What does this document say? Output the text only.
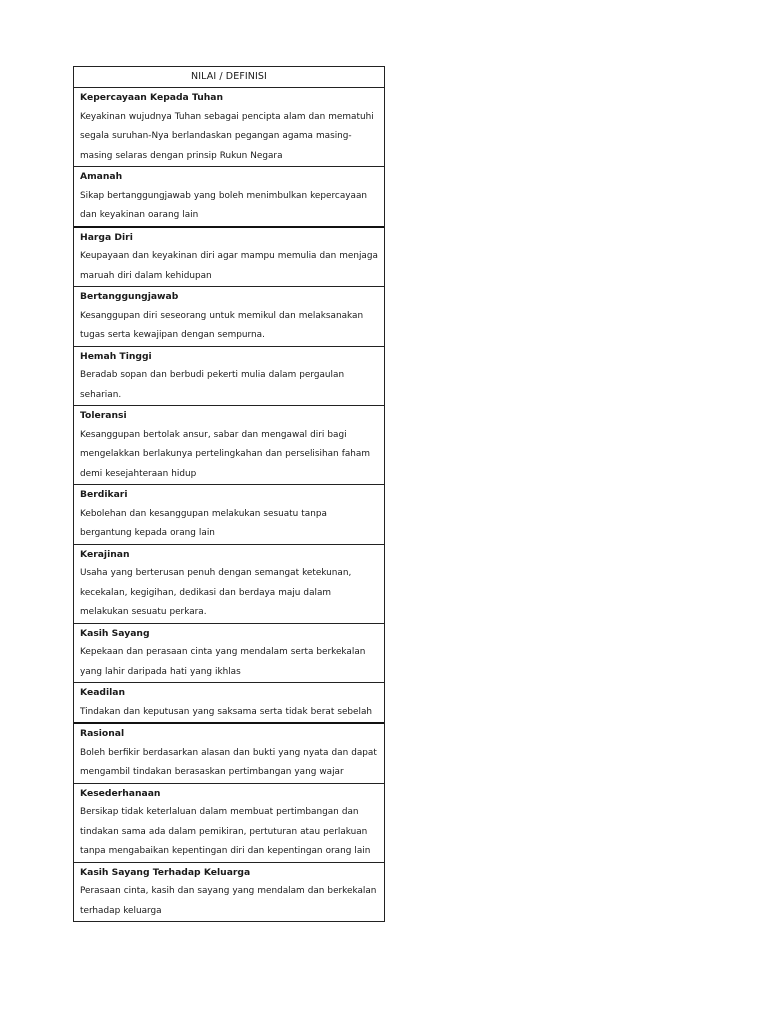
NILAI / DEFINISI
Kepercayaan Kepada Tuhan
Keyakinan wujudnya Tuhan sebagai pencipta alam dan mematuhi segala suruhan-Nya berlandaskan pegangan agama masing-masing selaras dengan prinsip Rukun Negara
Amanah
Sikap bertanggungjawab yang boleh menimbulkan kepercayaan dan keyakinan oarang lain
Harga Diri
Keupayaan dan keyakinan diri agar mampu memulia dan menjaga maruah diri dalam kehidupan
Bertanggungjawab
Kesanggupan diri seseorang untuk memikul dan melaksanakan tugas serta kewajipan dengan sempurna.
Hemah Tinggi
Beradab sopan dan berbudi pekerti mulia dalam pergaulan seharian.
Toleransi
Kesanggupan bertolak ansur, sabar dan mengawal diri bagi mengelakkan berlakunya pertelingkahan dan perselisihan faham demi kesejahteraan hidup
Berdikari
Kebolehan dan kesanggupan melakukan sesuatu tanpa bergantung kepada orang lain
Kerajinan
Usaha yang berterusan penuh dengan semangat ketekunan, kecekalan, kegigihan, dedikasi dan berdaya maju dalam melakukan sesuatu perkara.
Kasih Sayang
Kepekaan dan perasaan cinta yang mendalam serta berkekalan yang lahir daripada hati yang ikhlas
Keadilan
Tindakan dan keputusan yang saksama serta tidak berat sebelah
Rasional
Boleh berfikir berdasarkan alasan dan bukti yang nyata dan dapat mengambil tindakan berasaskan pertimbangan yang wajar
Kesederhanaan
Bersikap tidak keterlaluan dalam membuat pertimbangan dan tindakan sama ada dalam pemikiran, pertuturan atau perlakuan tanpa mengabaikan kepentingan diri dan kepentingan orang lain
Kasih Sayang Terhadap Keluarga
Perasaan cinta, kasih dan sayang yang mendalam dan berkekalan terhadap keluarga
